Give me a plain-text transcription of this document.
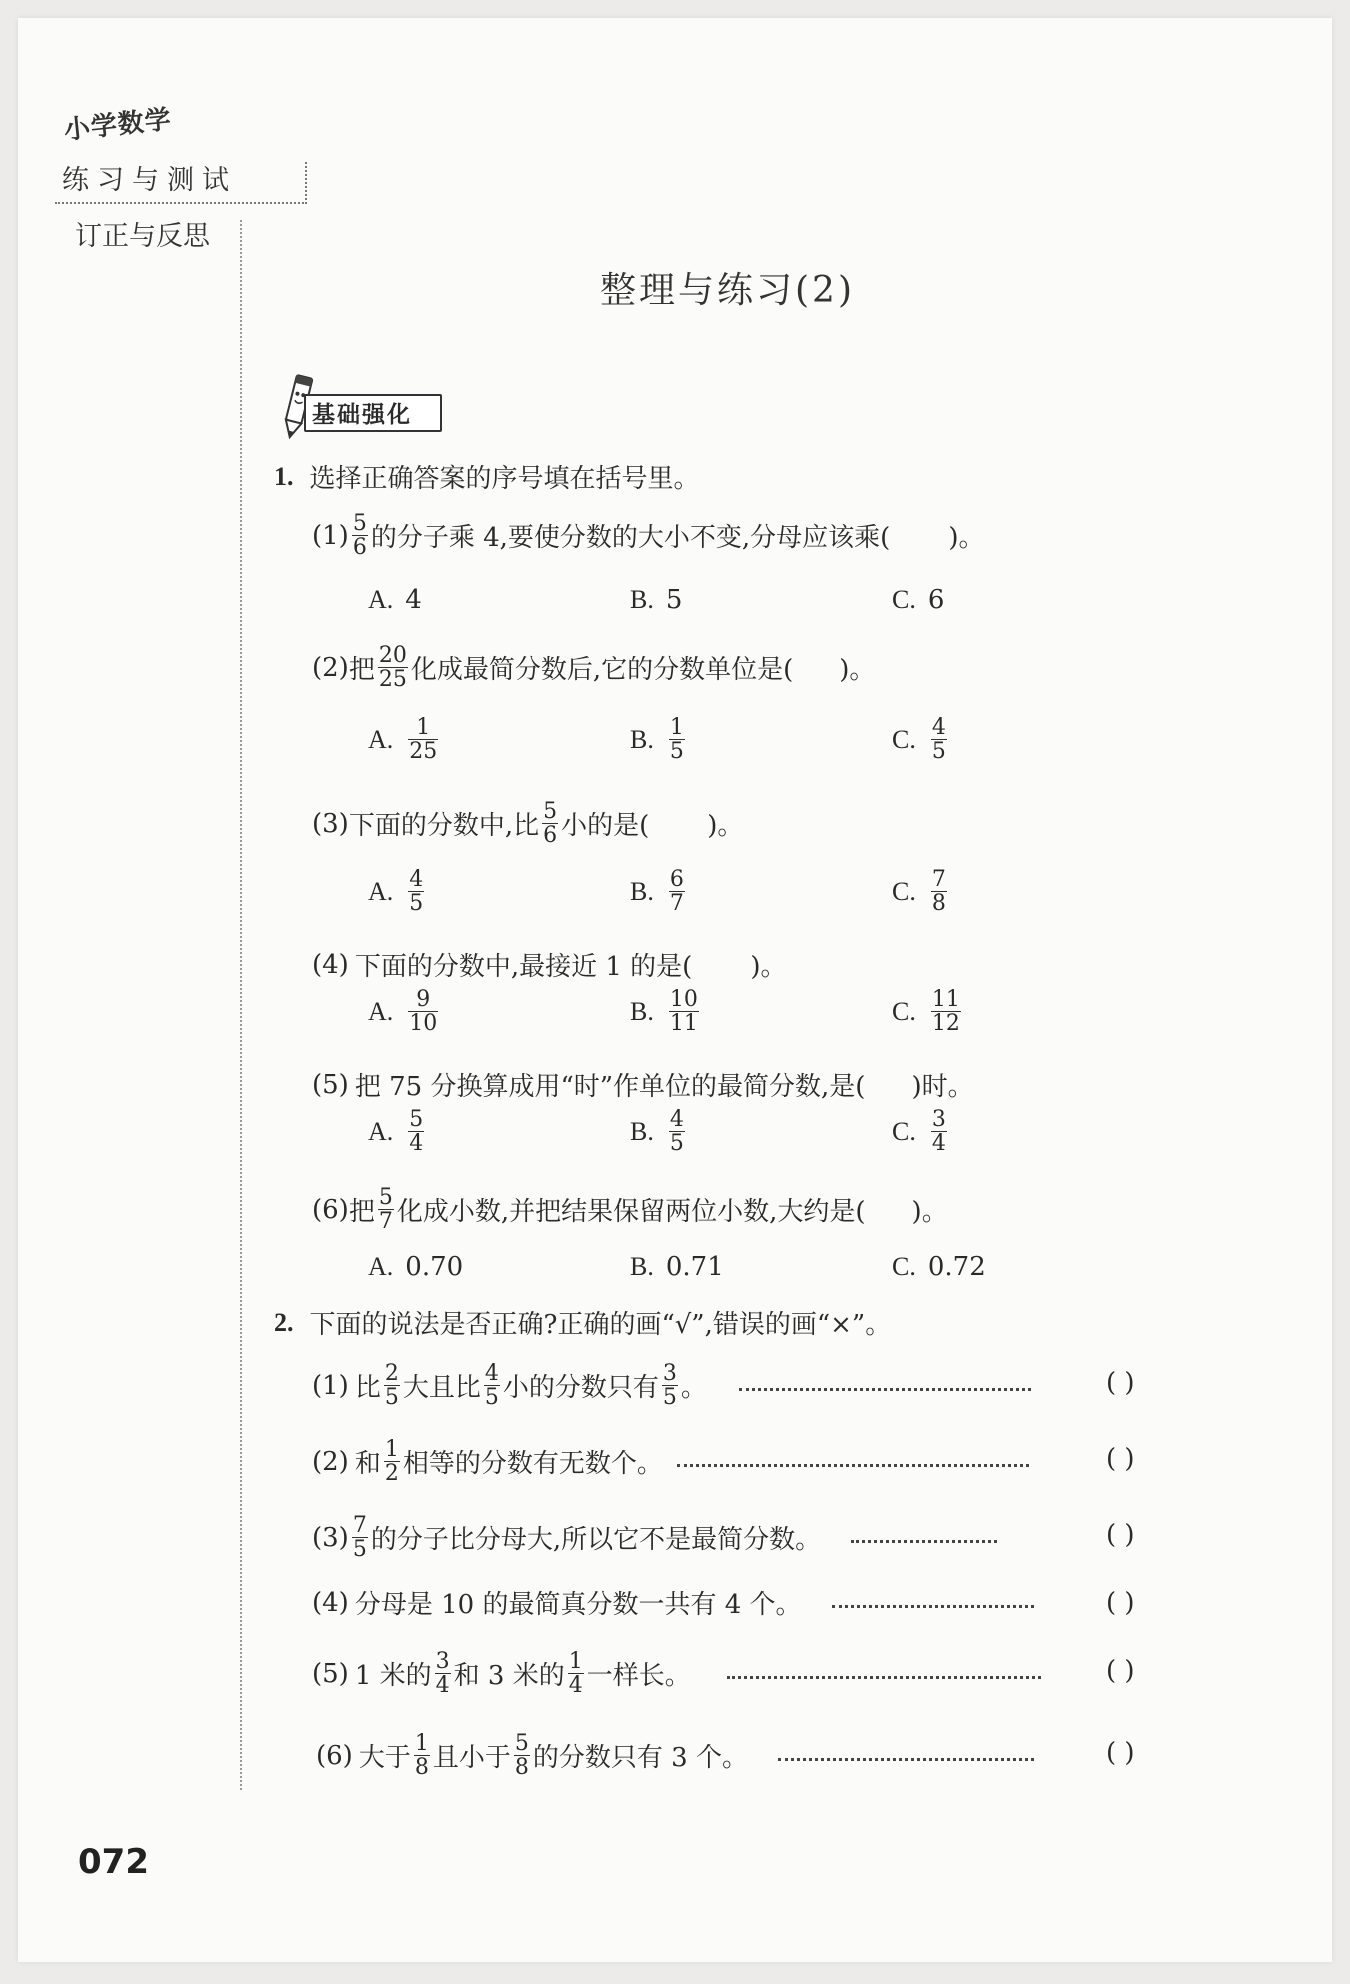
小学数学
练习与测试
订正与反思
整理与练习(2)
基础强化
1. 选择正确答案的序号填在括号里。
$(1) \frac{5}{6}$ 的分子乘 4,要使分数的大小不变,分母应该乘( )。
A. 4	B. 5	C. 6
(2) 把 $\frac{20}{25}$ 化成最简分数后,它的分数单位是( )。
A. $\frac{1}{25}$	B. $\frac{1}{5}$	C. $\frac{4}{5}$
(3) 下面的分数中,比 $\frac{5}{6}$ 小的是( )。
A. $\frac{4}{5}$	B. $\frac{6}{7}$	C. $\frac{7}{8}$
(4) 下面的分数中,最接近 1 的是( )。
A. $\frac{9}{10}$	B. $\frac{10}{11}$	C. $\frac{11}{12}$
(5) 把 75 分换算成用“时”作单位的最简分数,是( )时。
A. $\frac{5}{4}$	B. $\frac{4}{5}$	C. $\frac{3}{4}$
(6) 把 $\frac{5}{7}$ 化成小数,并把结果保留两位小数,大约是( )。
A. 0.70	B. 0.71	C. 0.72
2. 下面的说法是否正确?正确的画“√”,错误的画“×”。
(1) 比 $\frac{2}{5}$ 大且比 $\frac{4}{5}$ 小的分数只有 $\frac{3}{5}$ 。	( )
(2) 和 $\frac{1}{2}$ 相等的分数有无数个。	( )
$(3) \frac{7}{5}$ 的分子比分母大,所以它不是最简分数。	( )
(4) 分母是 10 的最简真分数一共有 4 个。	( )
(5) 1 米的 $\frac{3}{4}$ 和 3 米的 $\frac{1}{4}$ 一样长。	( )
(6) 大于 $\frac{1}{8}$ 且小于 $\frac{5}{8}$ 的分数只有 3 个。	( )
072
